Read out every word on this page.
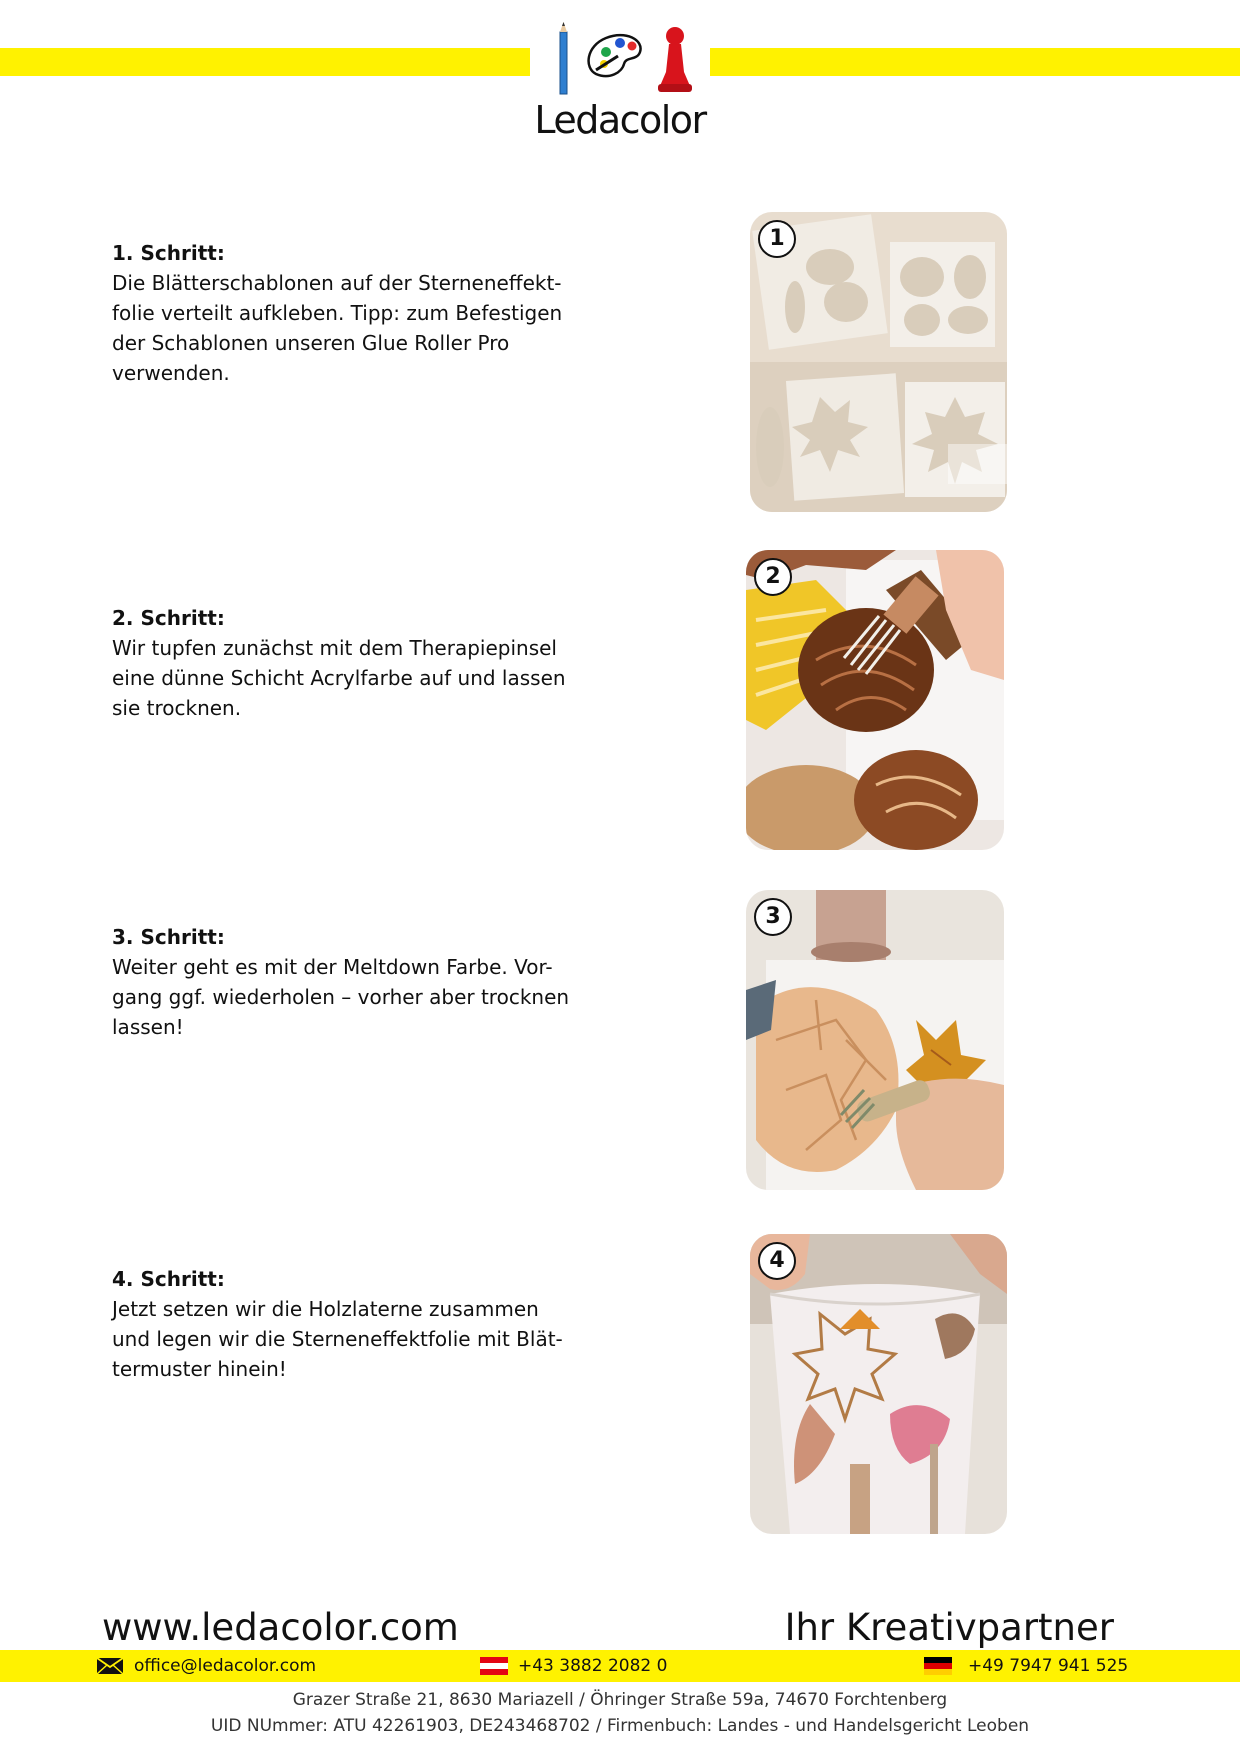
Ledacolor
1. Schritt:
Die Blätterschablonen auf der Sterneneffekt-
folie verteilt aufkleben. Tipp: zum Befestigen
der Schablonen unseren Glue Roller Pro
verwenden.
1
2. Schritt:
Wir tupfen zunächst mit dem Therapiepinsel
eine dünne Schicht Acrylfarbe auf und lassen
sie trocknen.
2
3. Schritt:
Weiter geht es mit der Meltdown Farbe. Vor-
gang ggf. wiederholen – vorher aber trocknen
lassen!
3
4. Schritt:
Jetzt setzen wir die Holzlaterne zusammen
und legen wir die Sterneneffektfolie mit Blät-
termuster hinein!
4
www.ledacolor.com	Ihr Kreativpartner
office@ledacolor.com	+43 3882 2082 0	+49 7947 941 525
Grazer Straße 21, 8630 Mariazell / Öhringer Straße 59a, 74670 Forchtenberg
UID NUmmer: ATU 42261903, DE243468702 / Firmenbuch: Landes - und Handelsgericht Leoben
